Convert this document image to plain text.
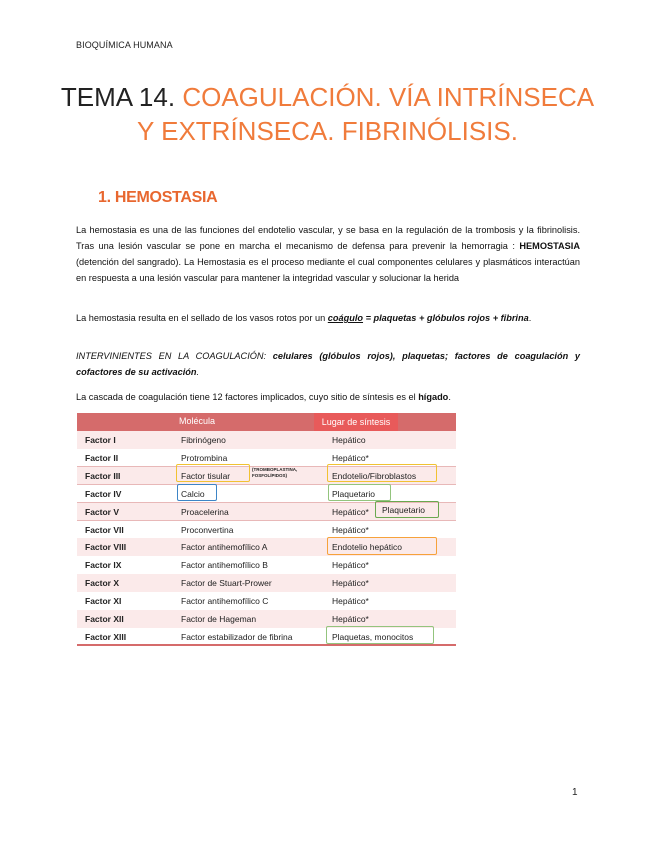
BIOQUÍMICA HUMANA
TEMA 14. COAGULACIÓN. VÍA INTRÍNSECA
Y EXTRÍNSECA. FIBRINÓLISIS.
1. HEMOSTASIA
La hemostasia es una de las funciones del endotelio vascular, y se basa en la regulación de la trombosis y la fibrinolisis. Tras una lesión vascular se pone en marcha el mecanismo de defensa para prevenir la hemorragia : HEMOSTASIA (detención del sangrado). La Hemostasia es el proceso mediante el cual componentes celulares y plasmáticos interactúan en respuesta a una lesión vascular para mantener la integridad vascular y solucionar la herida
La hemostasia resulta en el sellado de los vasos rotos por un coágulo = plaquetas + glóbulos rojos + fibrina.
INTERVINIENTES EN LA COAGULACIÓN: celulares (glóbulos rojos), plaquetas; factores de coagulación y cofactores de su activación.
La cascada de coagulación tiene 12 factores implicados, cuyo sitio de síntesis es el hígado.
Molécula	Lugar de síntesis
Factor I	Fibrinógeno	Hepático
Factor II	Protrombina	Hepático*
Factor III	Factor tisular	Endotelio/Fibroblastos
Factor IV	Calcio	Plaquetario
Factor V	Proacelerina	Hepático*
Factor VII	Proconvertina	Hepático*
Factor VIII	Factor antihemofílico A	Endotelio hepático
Factor IX	Factor antihemofílico B	Hepático*
Factor X	Factor de Stuart-Prower	Hepático*
Factor XI	Factor antihemofílico C	Hepático*
Factor XII	Factor de Hageman	Hepático*
Factor XIII	Factor estabilizador de fibrina	Plaquetas, monocitos
(TROMBOPLASTINA,
FOSFOLÍPIDOS)
Plaquetario
1
